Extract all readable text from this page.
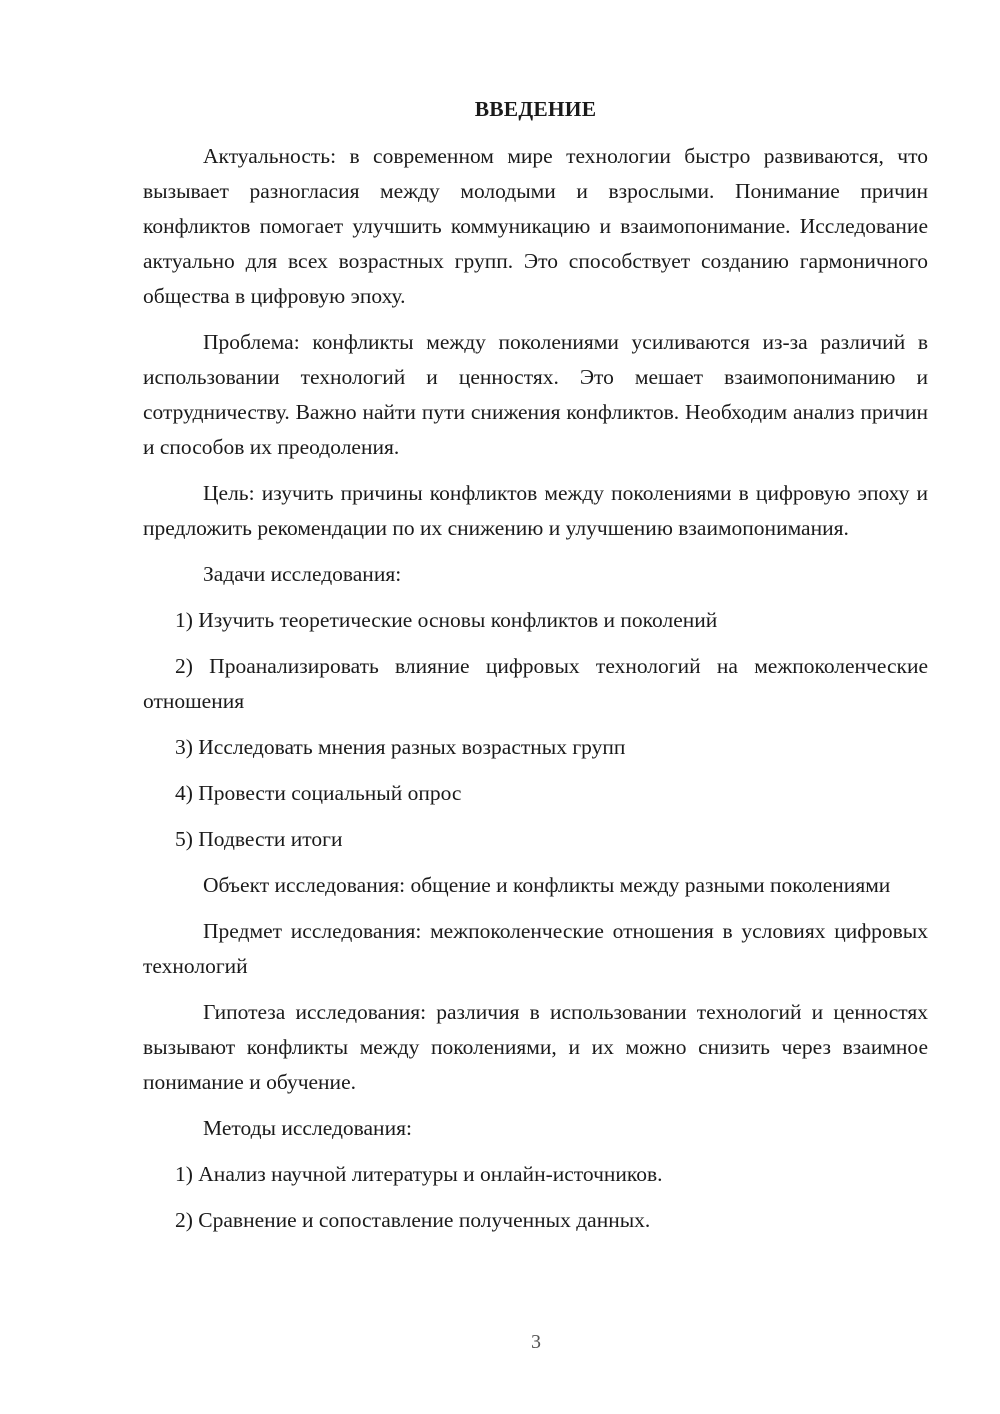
ВВЕДЕНИЕ

Актуальность: в современном мире технологии быстро развиваются, что вызывает разногласия между молодыми и взрослыми. Понимание причин конфликтов помогает улучшить коммуникацию и взаимопонимание. Исследование актуально для всех возрастных групп. Это способствует созданию гармоничного общества в цифровую эпоху.

Проблема: конфликты между поколениями усиливаются из-за различий в использовании технологий и ценностях. Это мешает взаимопониманию и сотрудничеству. Важно найти пути снижения конфликтов. Необходим анализ причин и способов их преодоления.

Цель: изучить причины конфликтов между поколениями в цифровую эпоху и предложить рекомендации по их снижению и улучшению взаимопонимания.

Задачи исследования:

1) Изучить теоретические основы конфликтов и поколений

2) Проанализировать влияние цифровых технологий на межпоколенческие отношения

3) Исследовать мнения разных возрастных групп

4) Провести социальный опрос

5) Подвести итоги

Объект исследования: общение и конфликты между разными поколениями

Предмет исследования: межпоколенческие отношения в условиях цифровых технологий

Гипотеза исследования: различия в использовании технологий и ценностях вызывают конфликты между поколениями, и их можно снизить через взаимное понимание и обучение.

Методы исследования:

1) Анализ научной литературы и онлайн-источников.

2) Сравнение и сопоставление полученных данных.

3
